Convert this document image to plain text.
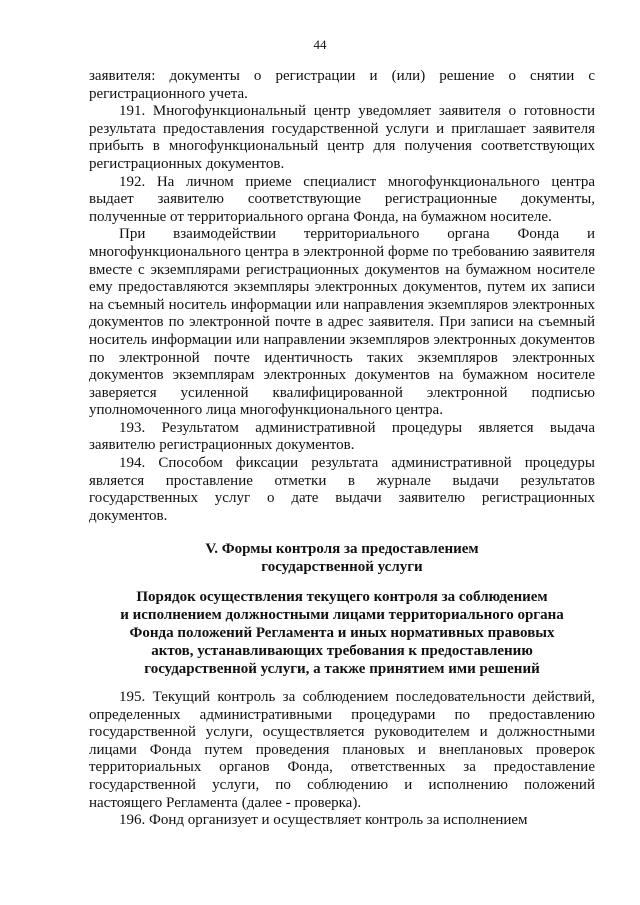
44

заявителя: документы о регистрации и (или) решение о снятии с регистрационного учета.

191. Многофункциональный центр уведомляет заявителя о готовности результата предоставления государственной услуги и приглашает заявителя прибыть в многофункциональный центр для получения соответствующих регистрационных документов.

192. На личном приеме специалист многофункционального центра выдает заявителю соответствующие регистрационные документы, полученные от территориального органа Фонда, на бумажном носителе.

При взаимодействии территориального органа Фонда и многофункционального центра в электронной форме по требованию заявителя вместе с экземплярами регистрационных документов на бумажном носителе ему предоставляются экземпляры электронных документов, путем их записи на съемный носитель информации или направления экземпляров электронных документов по электронной почте в адрес заявителя. При записи на съемный носитель информации или направлении экземпляров электронных документов по электронной почте идентичность таких экземпляров электронных документов экземплярам электронных документов на бумажном носителе заверяется усиленной квалифицированной электронной подписью уполномоченного лица многофункционального центра.

193. Результатом административной процедуры является выдача заявителю регистрационных документов.

194. Способом фиксации результата административной процедуры является проставление отметки в журнале выдачи результатов государственных услуг о дате выдачи заявителю регистрационных документов.

V. Формы контроля за предоставлением
государственной услуги
Порядок осуществления текущего контроля за соблюдением
и исполнением должностными лицами территориального органа
Фонда положений Регламента и иных нормативных правовых
актов, устанавливающих требования к предоставлению
государственной услуги, а также принятием ими решений

195. Текущий контроль за соблюдением последовательности действий, определенных административными процедурами по предоставлению государственной услуги, осуществляется руководителем и должностными лицами Фонда путем проведения плановых и внеплановых проверок территориальных органов Фонда, ответственных за предоставление государственной услуги, по соблюдению и исполнению положений настоящего Регламента (далее - проверка).

196. Фонд организует и осуществляет контроль за исполнением
